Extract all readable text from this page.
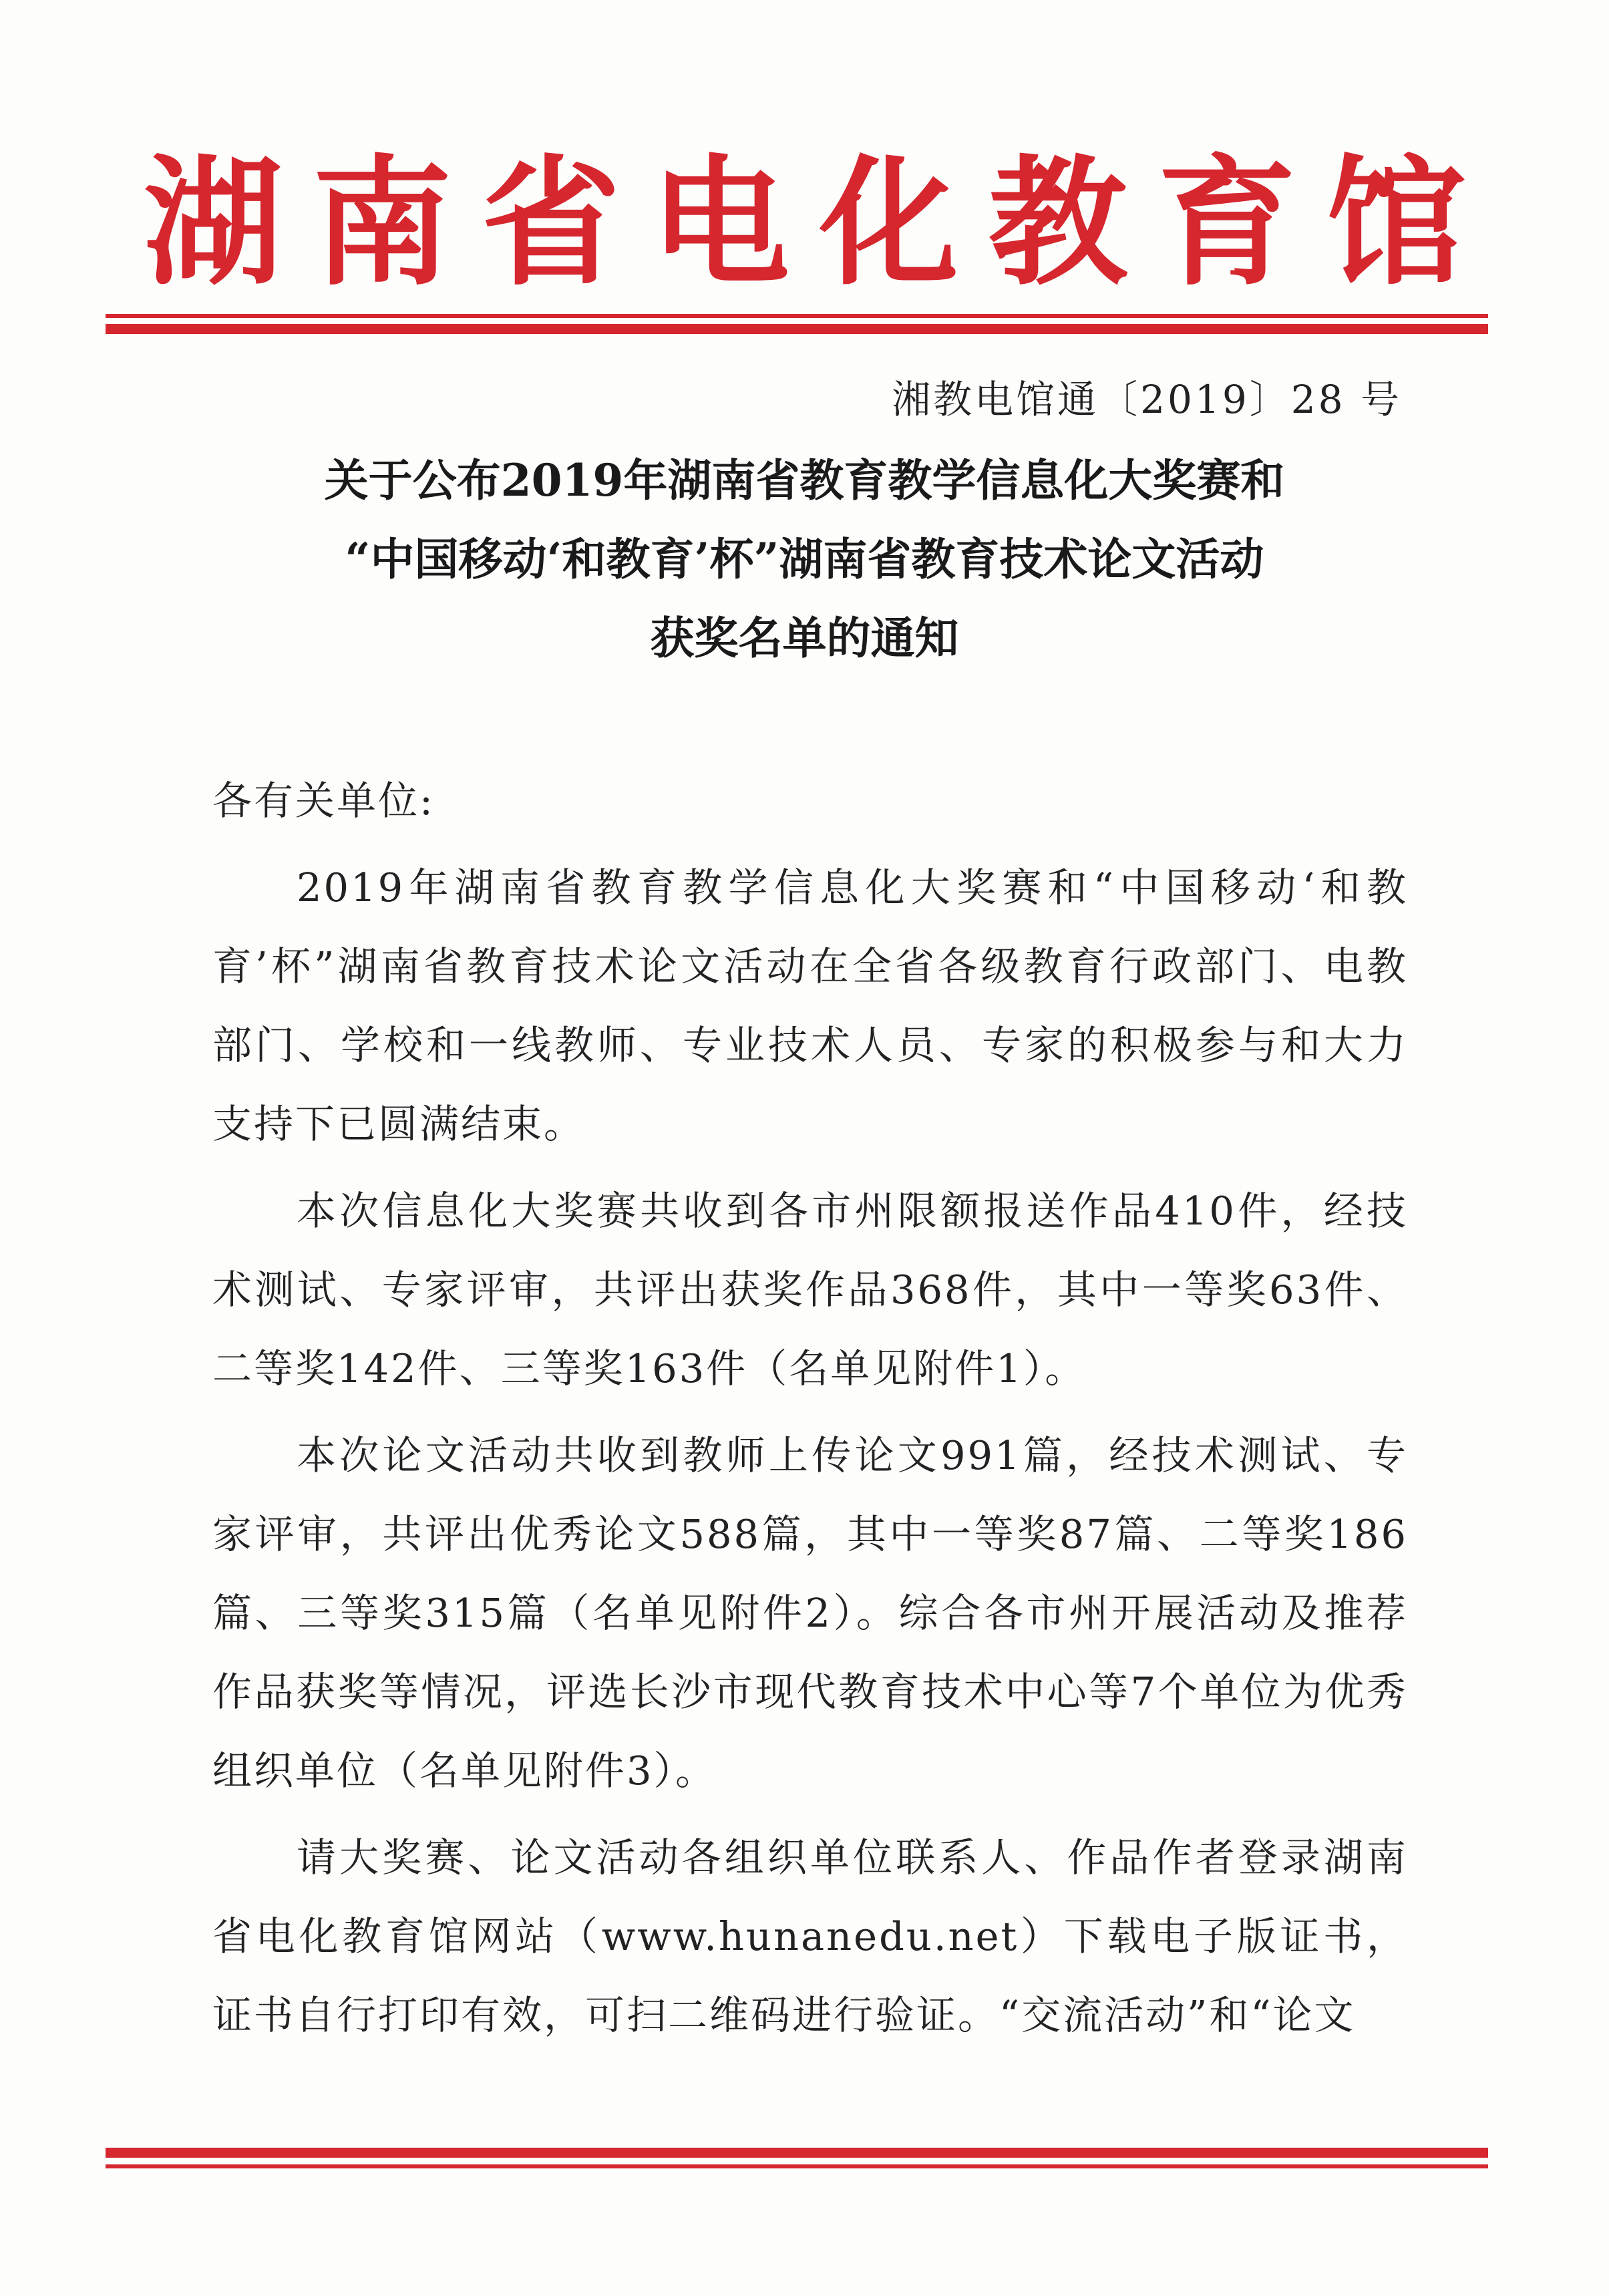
湖南省电化教育馆
湘教电馆通〔2019〕28 号
关于公布2019年湖南省教育教学信息化大奖赛和
“中国移动‘和教育’杯”湖南省教育技术论文活动
获奖名单的通知

各有关单位:

2019年湖南省教育教学信息化大奖赛和“中国移动‘和教育’杯”湖南省教育技术论文活动在全省各级教育行政部门、电教部门、学校和一线教师、专业技术人员、专家的积极参与和大力支持下已圆满结束。

本次信息化大奖赛共收到各市州限额报送作品410件，经技术测试、专家评审，共评出获奖作品368件，其中一等奖63件、二等奖142件、三等奖163件（名单见附件1）。

本次论文活动共收到教师上传论文991篇，经技术测试、专家评审，共评出优秀论文588篇，其中一等奖87篇、二等奖186篇、三等奖315篇（名单见附件2）。综合各市州开展活动及推荐作品获奖等情况，评选长沙市现代教育技术中心等7个单位为优秀组织单位（名单见附件3）。

请大奖赛、论文活动各组织单位联系人、作品作者登录湖南省电化教育馆网站（www.hunanedu.net）下载电子版证书，证书自行打印有效，可扫二维码进行验证。“交流活动”和“论文
